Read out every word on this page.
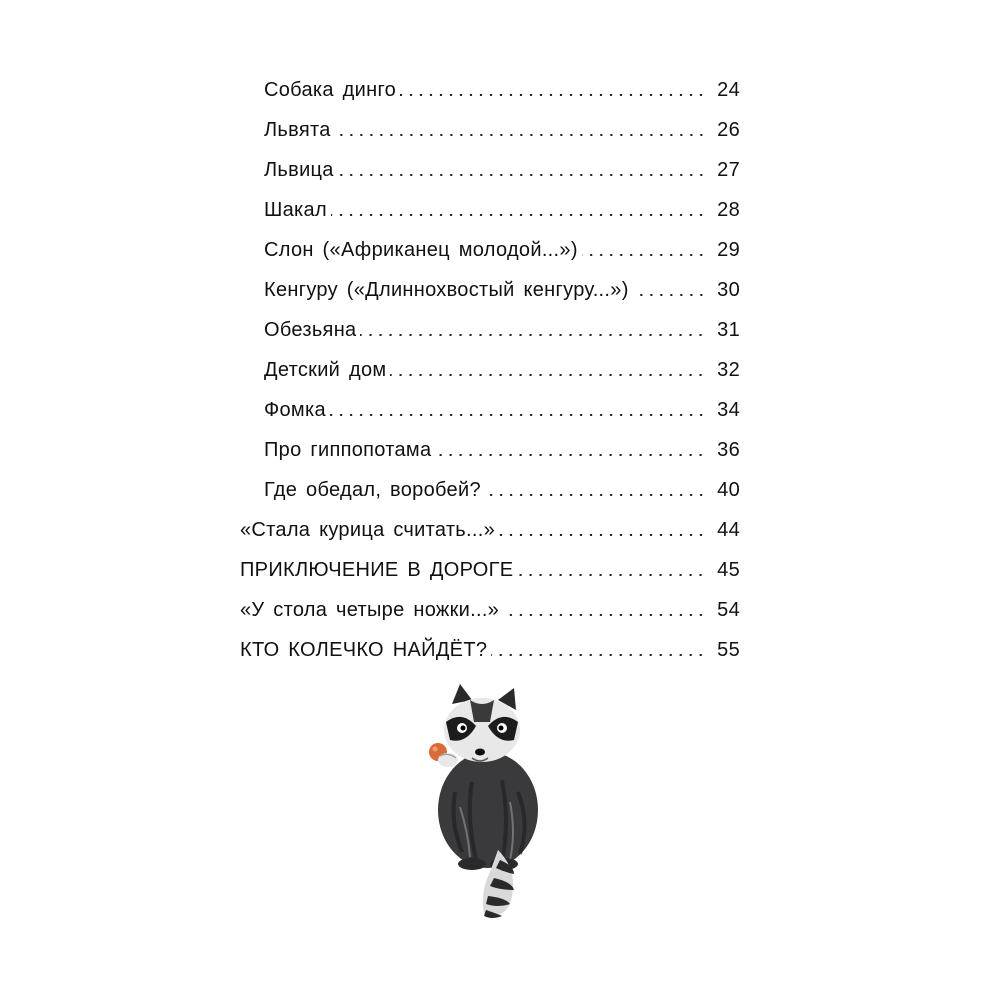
Собака динго	24
Львята	26
Львица	27
Шакал	28
Слон («Африканец молодой...»)	29
Кенгуру («Длиннохвостый кенгуру...»)	30
Обезьяна	31
Детский дом	32
Фомка	34
Про гиппопотама	36
Где обедал, воробей?	40
«Стала курица считать...»	44
ПРИКЛЮЧЕНИЕ В ДОРОГЕ	45
«У стола четыре ножки...»	54
КТО КОЛЕЧКО НАЙДЁТ?	55
